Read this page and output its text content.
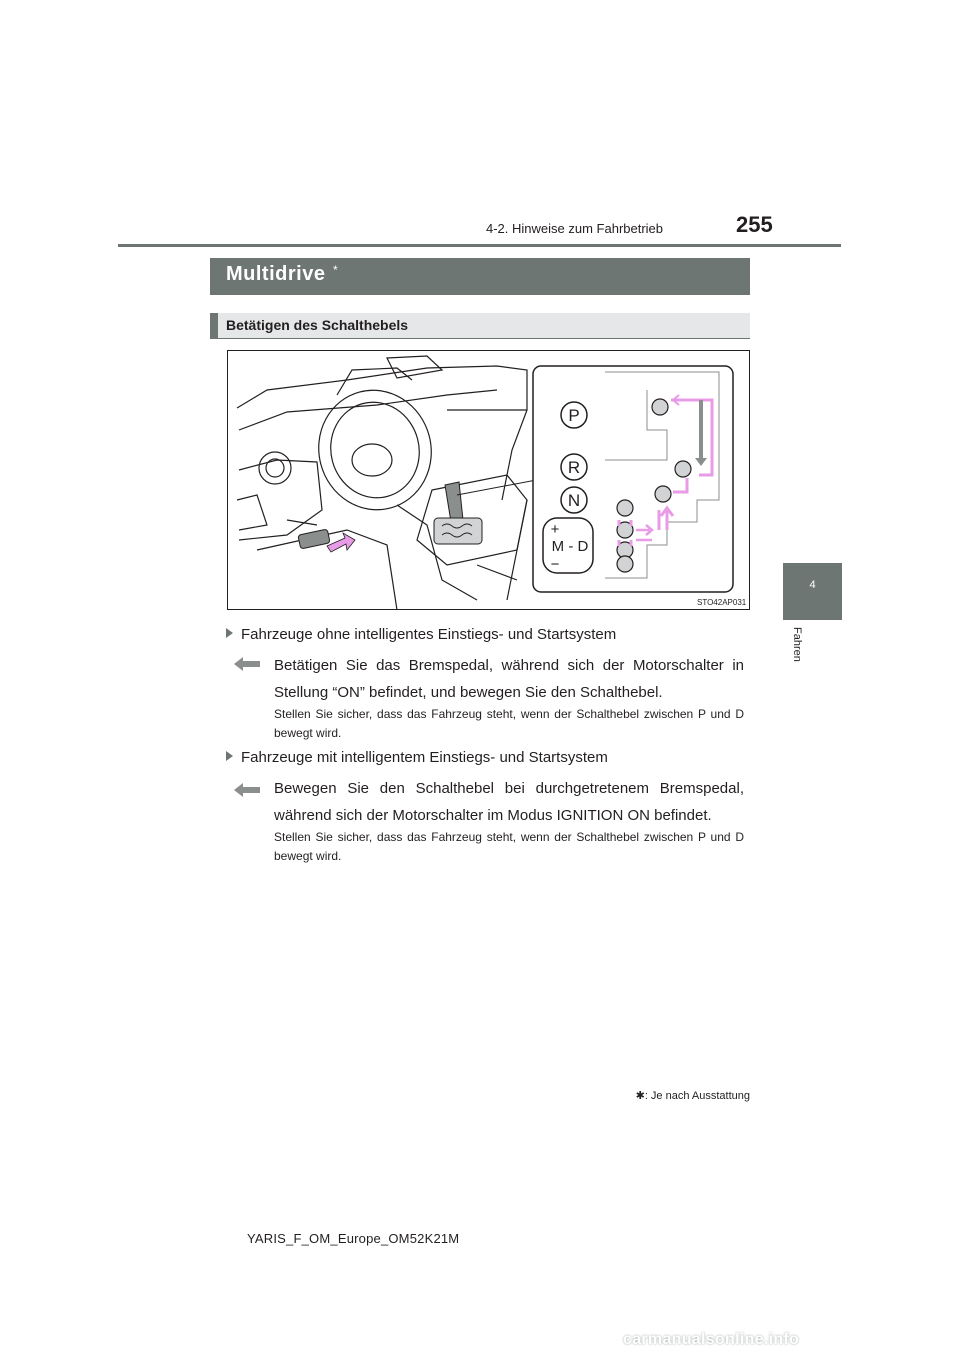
4-2. Hinweise zum Fahrbetrieb	255
4
Fahren
Multidrive *
Betätigen des Schalthebels
P
R
N
+
M - D
−
STO42AP031
Fahrzeuge ohne intelligentes Einstiegs- und Startsystem
Betätigen Sie das Bremspedal, während sich der Motorschalter in Stellung “ON” befindet, und bewegen Sie den Schalthebel.
Stellen Sie sicher, dass das Fahrzeug steht, wenn der Schalthebel zwischen P und D bewegt wird.
Fahrzeuge mit intelligentem Einstiegs- und Startsystem
Bewegen Sie den Schalthebel bei durchgetretenem Bremspedal, während sich der Motorschalter im Modus IGNITION ON befindet.
Stellen Sie sicher, dass das Fahrzeug steht, wenn der Schalthebel zwischen P und D bewegt wird.
✱: Je nach Ausstattung
YARIS_F_OM_Europe_OM52K21M
carmanualsonline.info
